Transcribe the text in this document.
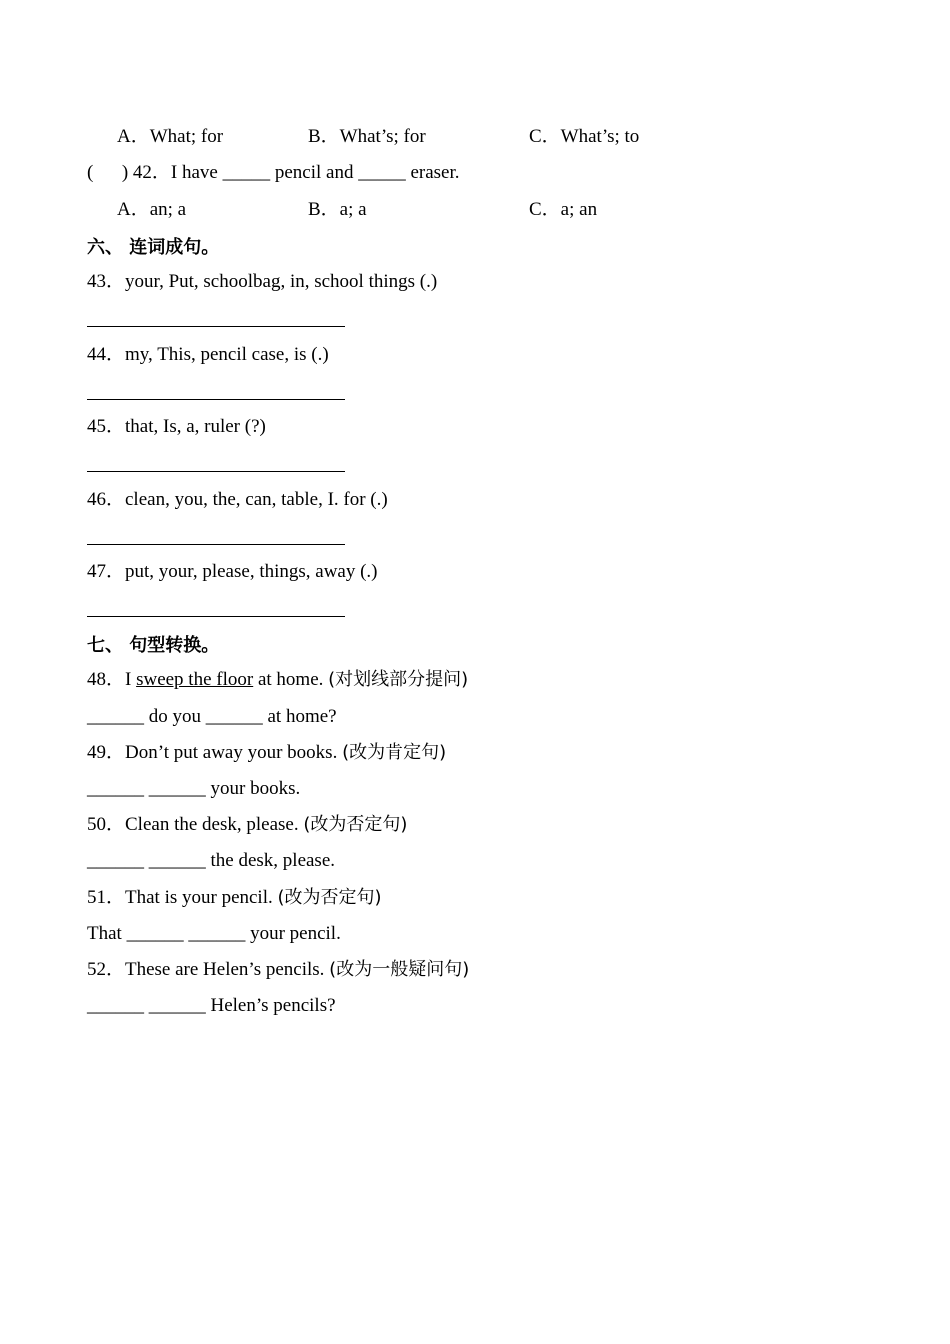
A．What; for	B．What’s; for	C．What’s; to
(      ) 42．I have _____ pencil and _____ eraser.
A．an; a	B．a; a	C．a; an
六、 连词成句。
43．your, Put, schoolbag, in, school things (.)
44．my, This, pencil case, is (.)
45．that, Is, a, ruler (?)
46．clean, you, the, can, table, I. for (.)
47．put, your, please, things, away (.)
七、 句型转换。
48．I sweep the floor at home. (对划线部分提问)
______ do you ______ at home?
49．Don’t put away your books. (改为肯定句)
______ ______ your books.
50．Clean the desk, please. (改为否定句)
______ ______ the desk, please.
51．That is your pencil. (改为否定句)
That ______ ______ your pencil.
52．These are Helen’s pencils. (改为一般疑问句)
______ ______ Helen’s pencils?
